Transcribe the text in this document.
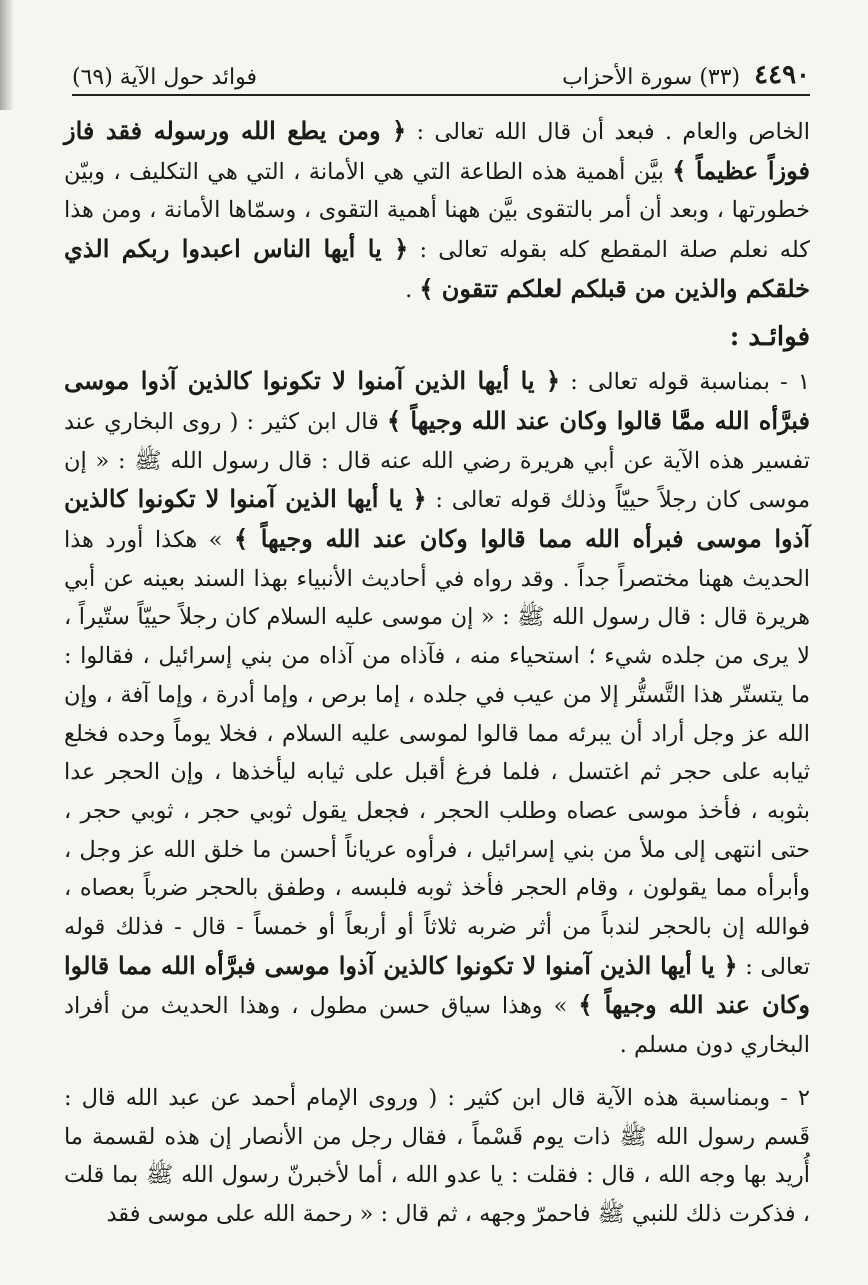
٤٤٩٠
(٣٣) سورة الأحزاب
فوائد حول الآية (٦٩)

الخاص والعام . فبعد أن قال الله تعالى : ﴿ ومن يطع الله ورسوله فقد فاز فوزاً عظيماً ﴾ بيَّن أهمية هذه الطاعة التي هي الأمانة ، التي هي التكليف ، وبيّن خطورتها ، وبعد أن أمر بالتقوى بيَّن ههنا أهمية التقوى ، وسمّاها الأمانة ، ومن هذا كله نعلم صلة المقطع كله بقوله تعالى : ﴿ يا أيها الناس اعبدوا ربكم الذي خلقكم والذين من قبلكم لعلكم تتقون ﴾ .

فوائـد :

١ - بمناسبة قوله تعالى : ﴿ يا أيها الذين آمنوا لا تكونوا كالذين آذوا موسى فبرَّأه الله ممَّا قالوا وكان عند الله وجيهاً ﴾ قال ابن كثير : ( روى البخاري عند تفسير هذه الآية عن أبي هريرة رضي الله عنه قال : قال رسول الله ﷺ : « إن موسى كان رجلاً حييّاً وذلك قوله تعالى : ﴿ يا أيها الذين آمنوا لا تكونوا كالذين آذوا موسى فبرأه الله مما قالوا وكان عند الله وجيهاً ﴾ » هكذا أورد هذا الحديث ههنا مختصراً جداً . وقد رواه في أحاديث الأنبياء بهذا السند بعينه عن أبي هريرة قال : قال رسول الله ﷺ : « إن موسى عليه السلام كان رجلاً حييّاً ستّيراً ، لا يرى من جلده شيء ؛ استحياء منه ، فآذاه من آذاه من بني إسرائيل ، فقالوا : ما يتستّر هذا التَّستُّر إلا من عيب في جلده ، إما برص ، وإما أدرة ، وإما آفة ، وإن الله عز وجل أراد أن يبرئه مما قالوا لموسى عليه السلام ، فخلا يوماً وحده فخلع ثيابه على حجر ثم اغتسل ، فلما فرغ أقبل على ثيابه ليأخذها ، وإن الحجر عدا بثوبه ، فأخذ موسى عصاه وطلب الحجر ، فجعل يقول ثوبي حجر ، ثوبي حجر ، حتى انتهى إلى ملأ من بني إسرائيل ، فرأوه عرياناً أحسن ما خلق الله عز وجل ، وأبرأه مما يقولون ، وقام الحجر فأخذ ثوبه فلبسه ، وطفق بالحجر ضرباً بعصاه ، فوالله إن بالحجر لندباً من أثر ضربه ثلاثاً أو أربعاً أو خمساً - قال - فذلك قوله تعالى : ﴿ يا أيها الذين آمنوا لا تكونوا كالذين آذوا موسى فبرَّأه الله مما قالوا وكان عند الله وجيهاً ﴾ » وهذا سياق حسن مطول ، وهذا الحديث من أفراد البخاري دون مسلم .

٢ - وبمناسبة هذه الآية قال ابن كثير : ( وروى الإمام أحمد عن عبد الله قال : قَسم رسول الله ﷺ ذات يوم قَسْماً ، فقال رجل من الأنصار إن هذه لقسمة ما أُريد بها وجه الله ، قال : فقلت : يا عدو الله ، أما لأخبرنّ رسول الله ﷺ بما قلت ، فذكرت ذلك للنبي ﷺ فاحمرّ وجهه ، ثم قال : « رحمة الله على موسى فقد
